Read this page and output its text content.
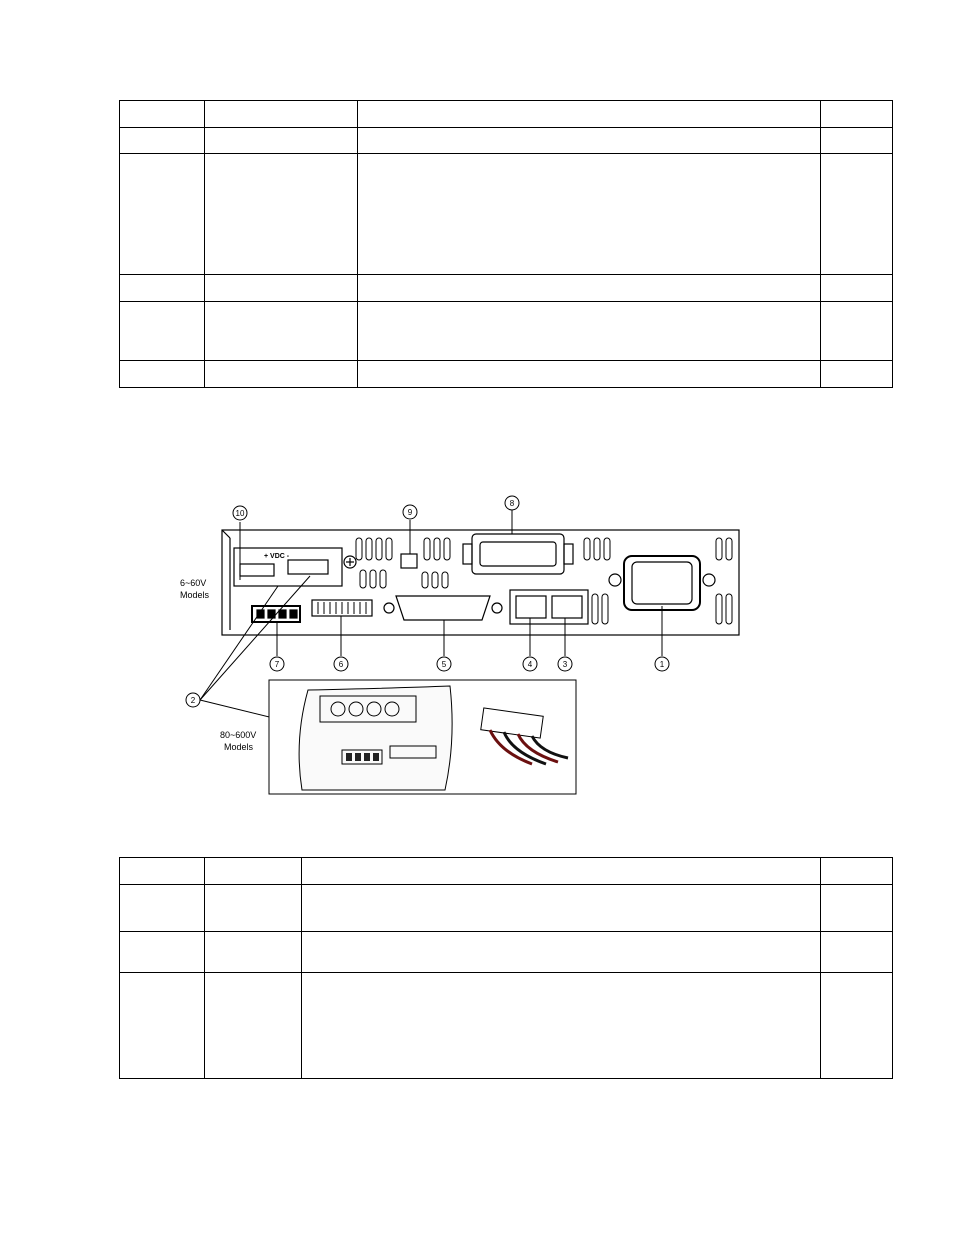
+ VDC -
6~60V
Models
10	9
8
7	6	5	4	3	1
2
80~600V
Models
